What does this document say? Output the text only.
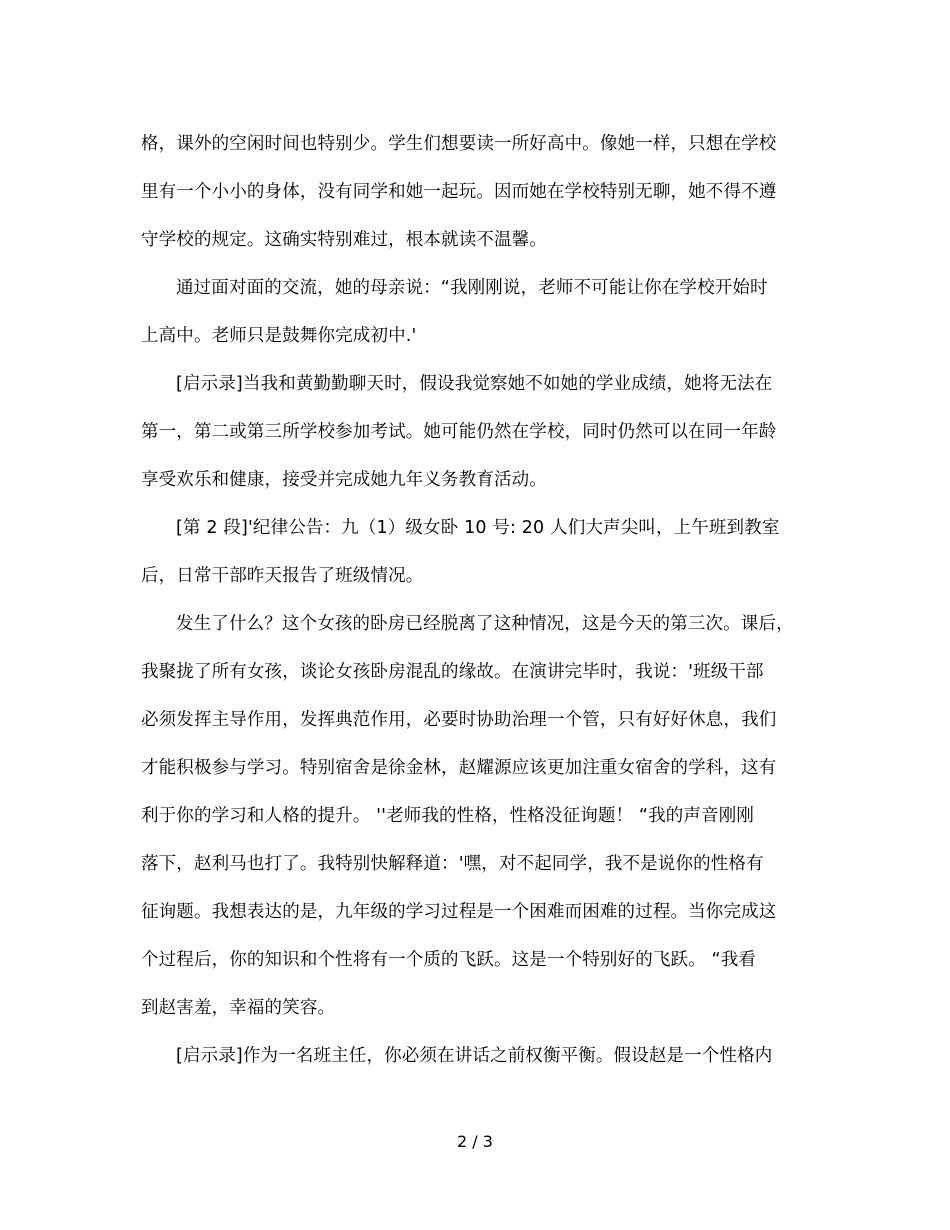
格，课外的空闲时间也特别少。学生们想要读一所好高中。像她一样，只想在学校
里有一个小小的身体，没有同学和她一起玩。因而她在学校特别无聊，她不得不遵
守学校的规定。这确实特别难过，根本就读不温馨。
通过面对面的交流，她的母亲说：“我刚刚说，老师不可能让你在学校开始时
上高中。老师只是鼓舞你完成初中.'
[启示录]当我和黄勤勤聊天时，假设我觉察她不如她的学业成绩，她将无法在
第一，第二或第三所学校参加考试。她可能仍然在学校，同时仍然可以在同一年龄
享受欢乐和健康，接受并完成她九年义务教育活动。
[第 2 段]'纪律公告：九（1）级女卧 10 号: 20 人们大声尖叫，上午班到教室
后，日常干部昨天报告了班级情况。
发生了什么？这个女孩的卧房已经脱离了这种情况，这是今天的第三次。课后，
我聚拢了所有女孩，谈论女孩卧房混乱的缘故。在演讲完毕时，我说：'班级干部
必须发挥主导作用，发挥典范作用，必要时协助治理一个管，只有好好休息，我们
才能积极参与学习。特别宿舍是徐金林，赵耀源应该更加注重女宿舍的学科，这有
利于你的学习和人格的提升。 ''老师我的性格，性格没征询题！ “我的声音刚刚
落下，赵利马也打了。我特别快解释道：'嘿，对不起同学，我不是说你的性格有
征询题。我想表达的是，九年级的学习过程是一个困难而困难的过程。当你完成这
个过程后，你的知识和个性将有一个质的飞跃。这是一个特别好的飞跃。 “我看
到赵害羞，幸福的笑容。
[启示录]作为一名班主任，你必须在讲话之前权衡平衡。假设赵是一个性格内
2 / 3
